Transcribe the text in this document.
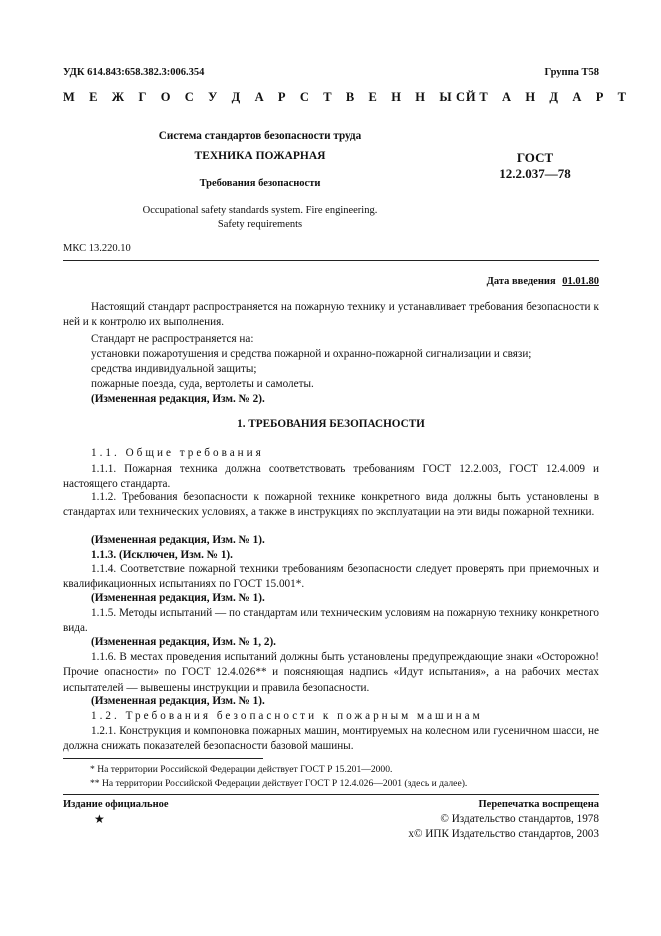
УДК 614.843:658.382.3:006.354	Группа Т58
М Е Ж Г О С У Д А Р С Т В Е Н Н Ы Й
С Т А Н Д А Р Т
Система стандартов безопасности труда
ТЕХНИКА ПОЖАРНАЯ
Требования безопасности
ГОСТ
12.2.037—78
Occupational safety standards system. Fire engineering.
Safety requirements
МКС 13.220.10
Дата введения 01.01.80
Настоящий стандарт распространяется на пожарную технику и устанавливает требования безопасности к ней и к контролю их выполнения.
Стандарт не распространяется на:
установки пожаротушения и средства пожарной и охранно-пожарной сигнализации и связи;
средства индивидуальной защиты;
пожарные поезда, суда, вертолеты и самолеты.
(Измененная редакция, Изм. № 2).
1. ТРЕБОВАНИЯ БЕЗОПАСНОСТИ
1.1. Общие требования
1.1.1. Пожарная техника должна соответствовать требованиям ГОСТ 12.2.003, ГОСТ 12.4.009 и настоящего стандарта.
1.1.2. Требования безопасности к пожарной технике конкретного вида должны быть установлены в стандартах или технических условиях, а также в инструкциях по эксплуатации на эти виды пожарной техники.
(Измененная редакция, Изм. № 1).
1.1.3. (Исключен, Изм. № 1).
1.1.4. Соответствие пожарной техники требованиям безопасности следует проверять при приемочных и квалификационных испытаниях по ГОСТ 15.001*.
(Измененная редакция, Изм. № 1).
1.1.5. Методы испытаний — по стандартам или техническим условиям на пожарную технику конкретного вида.
(Измененная редакция, Изм. № 1, 2).
1.1.6. В местах проведения испытаний должны быть установлены предупреждающие знаки «Осторожно! Прочие опасности» по ГОСТ 12.4.026** и поясняющая надпись «Идут испытания», а на рабочих местах испытателей — вывешены инструкции и правила безопасности.
(Измененная редакция, Изм. № 1).
1.2. Требования безопасности к пожарным машинам
1.2.1. Конструкция и компоновка пожарных машин, монтируемых на колесном или гусеничном шасси, не должна снижать показателей безопасности базовой машины.
* На территории Российской Федерации действует ГОСТ Р 15.201—2000.
** На территории Российской Федерации действует ГОСТ Р 12.4.026—2001 (здесь и далее).
Издание официальное	Перепечатка воспрещена
★	© Издательство стандартов, 1978
х© ИПК Издательство стандартов, 2003
